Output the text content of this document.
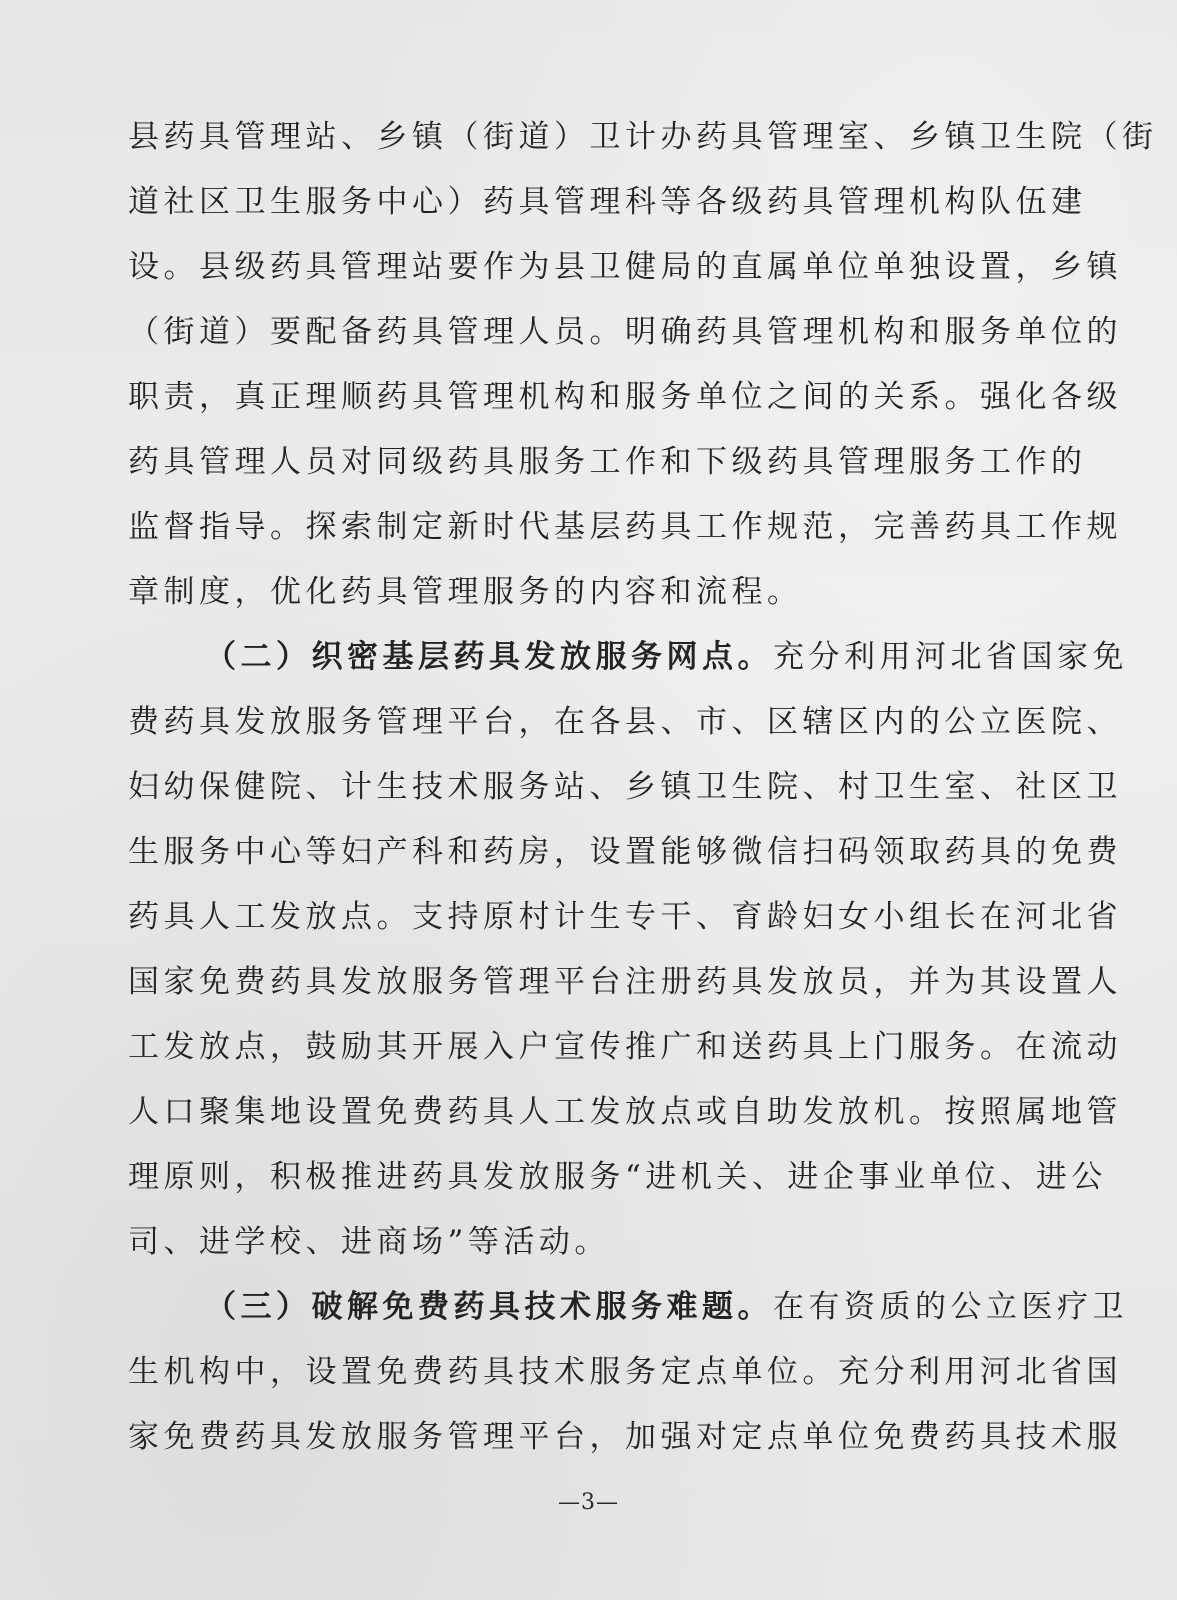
县药具管理站、乡镇（街道）卫计办药具管理室、乡镇卫生院（街

道社区卫生服务中心）药具管理科等各级药具管理机构队伍建

设。县级药具管理站要作为县卫健局的直属单位单独设置，乡镇

（街道）要配备药具管理人员。明确药具管理机构和服务单位的

职责，真正理顺药具管理机构和服务单位之间的关系。强化各级

药具管理人员对同级药具服务工作和下级药具管理服务工作的

监督指导。探索制定新时代基层药具工作规范，完善药具工作规

章制度，优化药具管理服务的内容和流程。

（二）织密基层药具发放服务网点。充分利用河北省国家免

费药具发放服务管理平台，在各县、市、区辖区内的公立医院、

妇幼保健院、计生技术服务站、乡镇卫生院、村卫生室、社区卫

生服务中心等妇产科和药房，设置能够微信扫码领取药具的免费

药具人工发放点。支持原村计生专干、育龄妇女小组长在河北省

国家免费药具发放服务管理平台注册药具发放员，并为其设置人

工发放点，鼓励其开展入户宣传推广和送药具上门服务。在流动

人口聚集地设置免费药具人工发放点或自助发放机。按照属地管

理原则，积极推进药具发放服务“进机关、进企事业单位、进公

司、进学校、进商场”等活动。

（三）破解免费药具技术服务难题。在有资质的公立医疗卫

生机构中，设置免费药具技术服务定点单位。充分利用河北省国

家免费药具发放服务管理平台，加强对定点单位免费药具技术服

—3—
